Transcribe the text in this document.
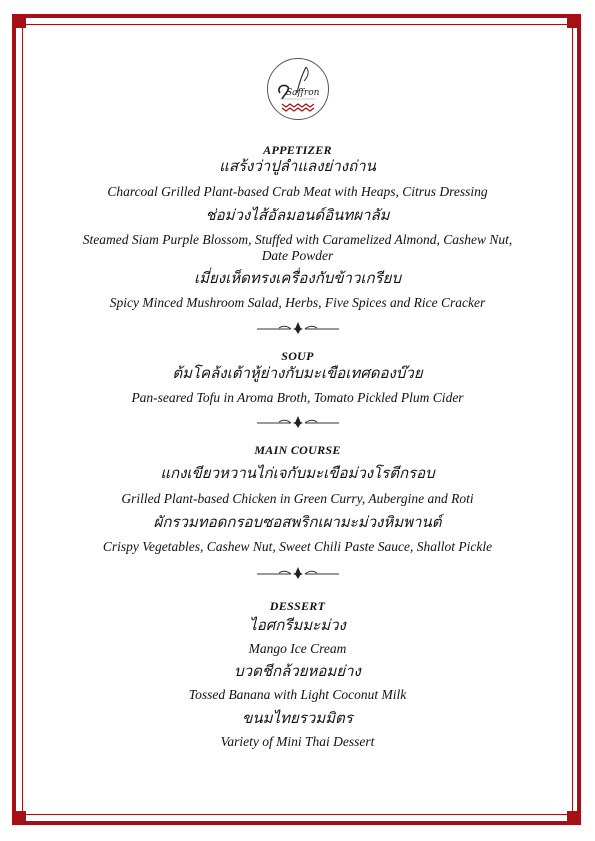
Saffron
APPETIZER
แสร้งว่าปูลำแลงย่างถ่าน
Charcoal Grilled Plant-based Crab Meat with Heaps, Citrus Dressing
ช่อม่วงไส้อัลมอนด์อินทผาลัม
Steamed Siam Purple Blossom, Stuffed with Caramelized Almond, Cashew Nut,
Date Powder
เมี่ยงเห็ดทรงเครื่องกับข้าวเกรียบ
Spicy Minced Mushroom Salad, Herbs, Five Spices and Rice Cracker
SOUP
ต้มโคล้งเต้าหู้ย่างกับมะเขือเทศดองบ๊วย
Pan-seared Tofu in Aroma Broth, Tomato Pickled Plum Cider
MAIN COURSE
แกงเขียวหวานไก่เจกับมะเขือม่วงโรตีกรอบ
Grilled Plant-based Chicken in Green Curry, Aubergine and Roti
ผักรวมทอดกรอบซอสพริกเผามะม่วงหิมพานต์
Crispy Vegetables, Cashew Nut, Sweet Chili Paste Sauce, Shallot Pickle
DESSERT
ไอศกรีมมะม่วง
Mango Ice Cream
บวดชีกล้วยหอมย่าง
Tossed Banana with Light Coconut Milk
ขนมไทยรวมมิตร
Variety of Mini Thai Dessert
